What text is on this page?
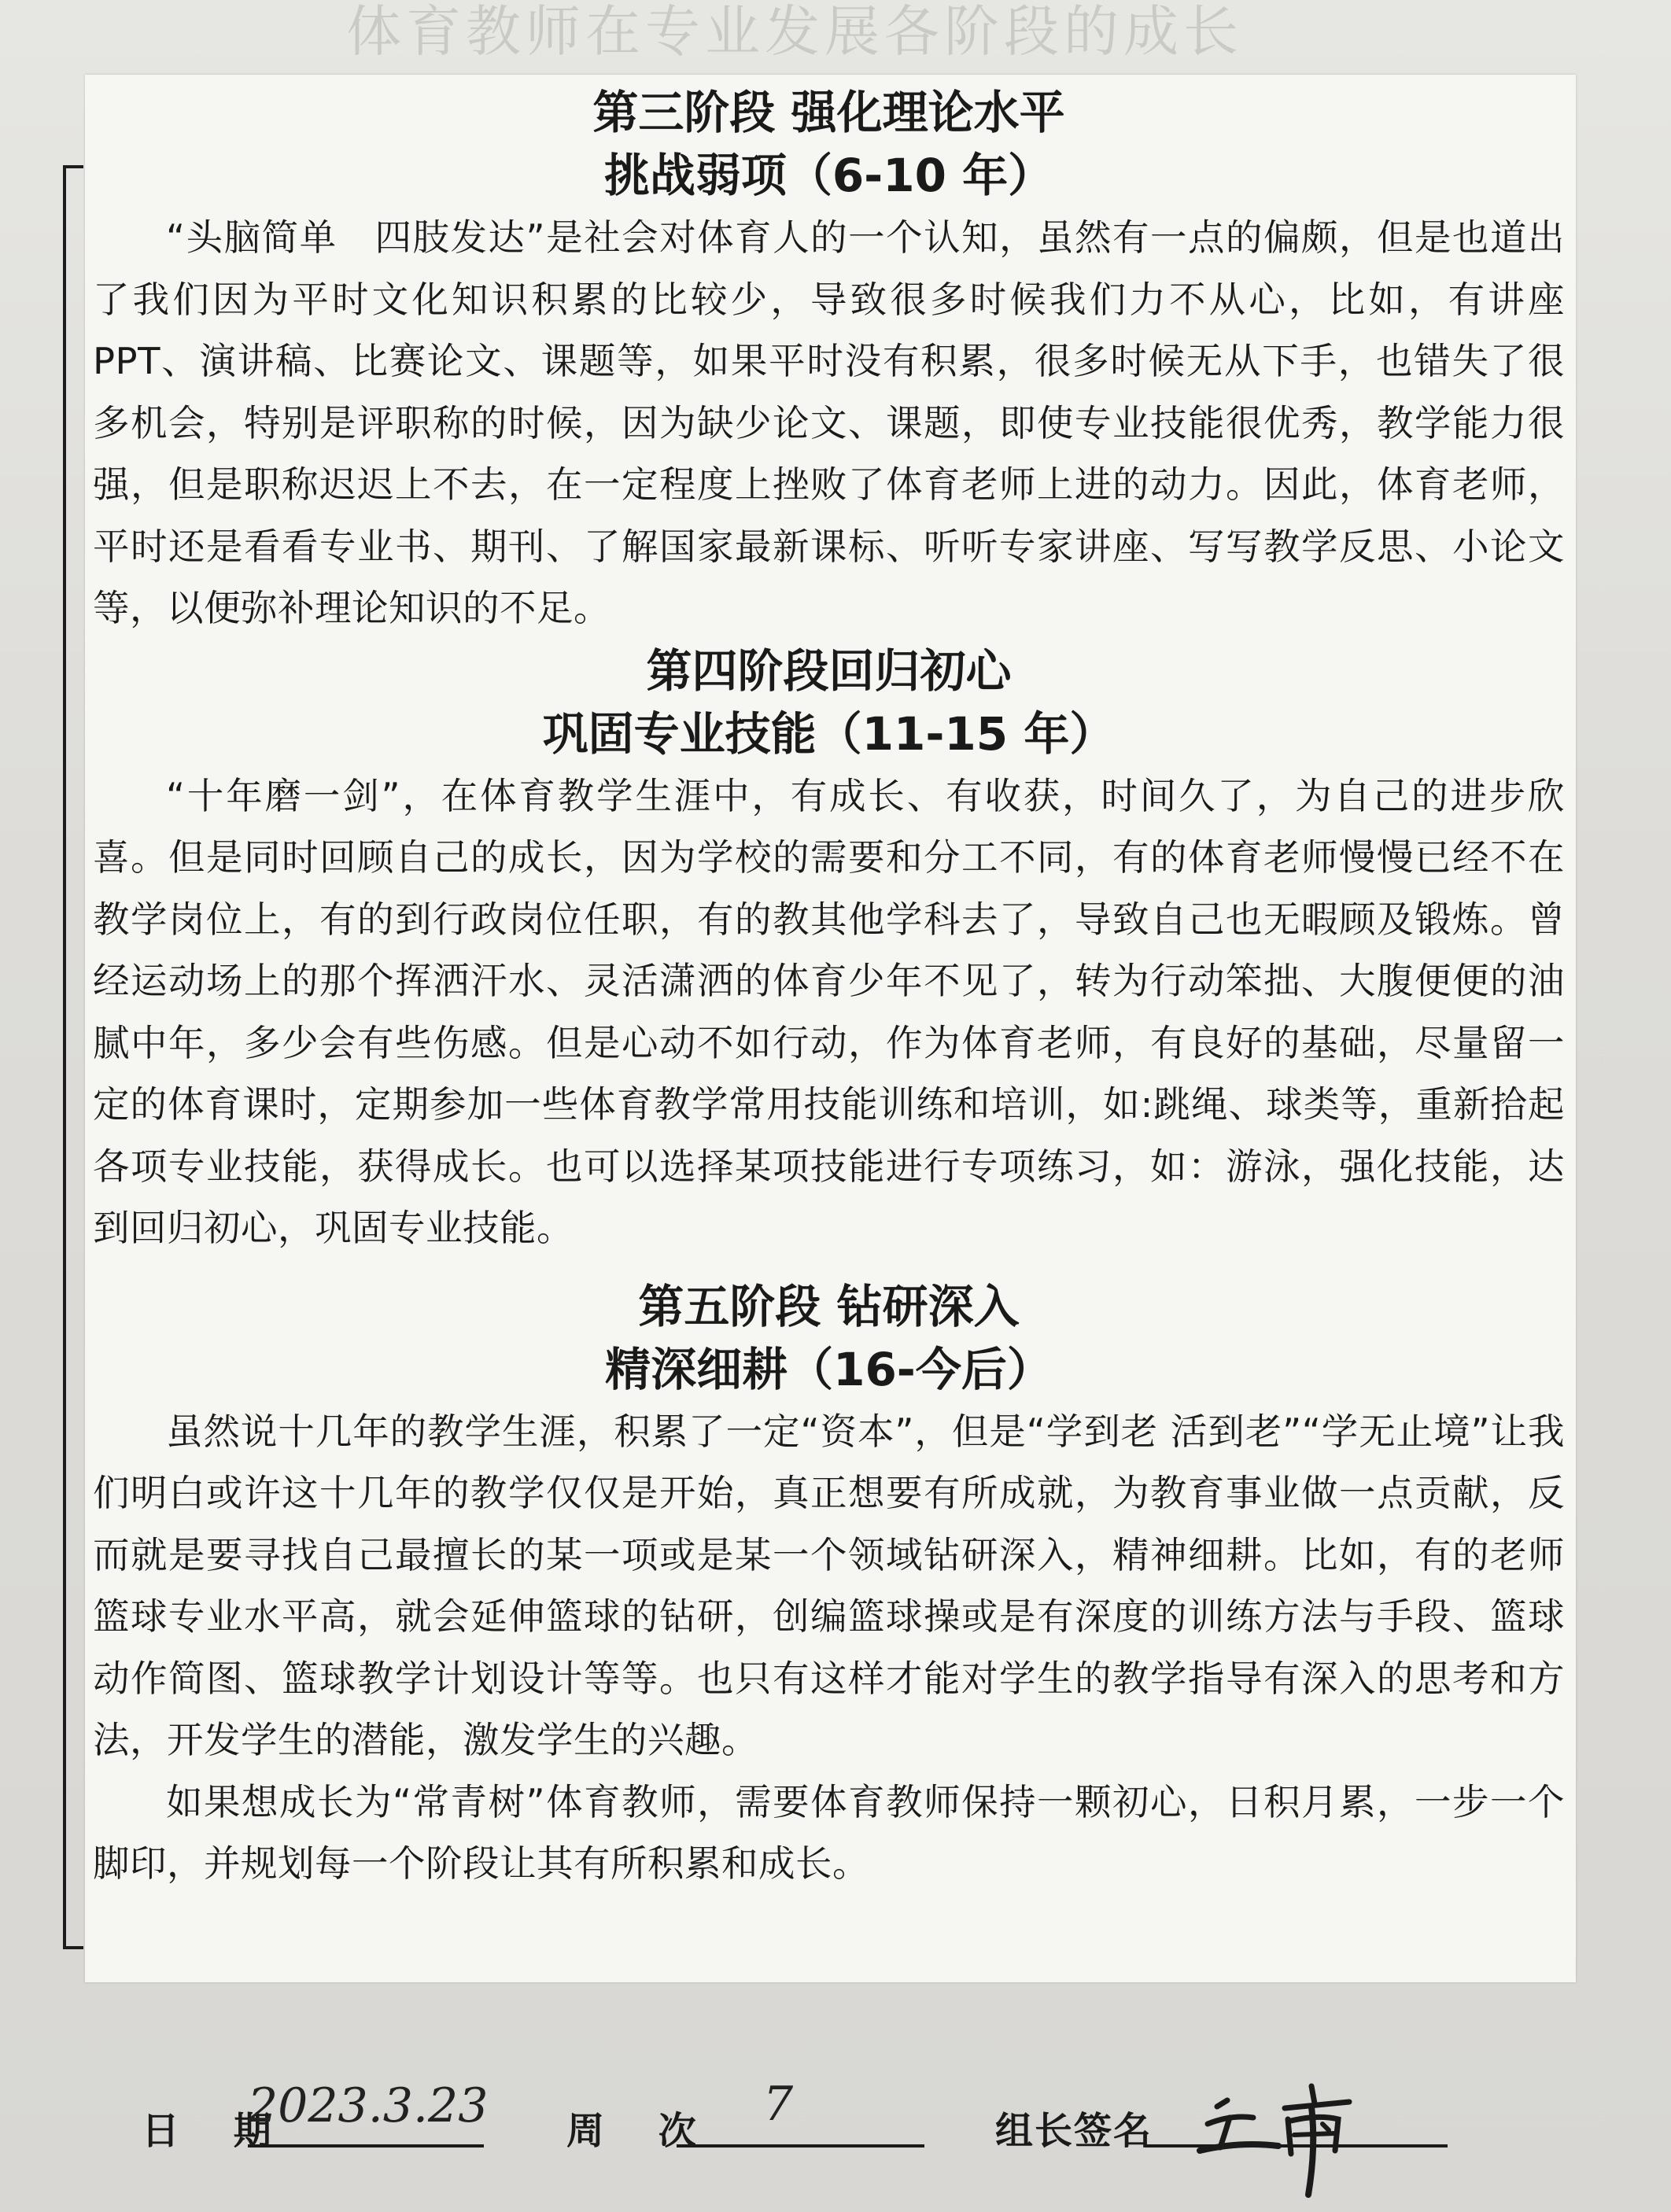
体育教师在专业发展各阶段的成长
第三阶段 强化理论水平
挑战弱项（6-10 年）

“头脑简单　四肢发达”是社会对体育人的一个认知，虽然有一点的偏颇，但是也道出了我们因为平时文化知识积累的比较少，导致很多时候我们力不从心，比如，有讲座 PPT、演讲稿、比赛论文、课题等，如果平时没有积累，很多时候无从下手，也错失了很多机会，特别是评职称的时候，因为缺少论文、课题，即使专业技能很优秀，教学能力很强，但是职称迟迟上不去，在一定程度上挫败了体育老师上进的动力。因此，体育老师，平时还是看看专业书、期刊、了解国家最新课标、听听专家讲座、写写教学反思、小论文等，以便弥补理论知识的不足。

第四阶段回归初心
巩固专业技能（11-15 年）

“十年磨一剑”，在体育教学生涯中，有成长、有收获，时间久了，为自己的进步欣喜。但是同时回顾自己的成长，因为学校的需要和分工不同，有的体育老师慢慢已经不在教学岗位上，有的到行政岗位任职，有的教其他学科去了，导致自己也无暇顾及锻炼。曾经运动场上的那个挥洒汗水、灵活潇洒的体育少年不见了，转为行动笨拙、大腹便便的油腻中年，多少会有些伤感。但是心动不如行动，作为体育老师，有良好的基础，尽量留一定的体育课时，定期参加一些体育教学常用技能训练和培训，如:跳绳、球类等，重新拾起各项专业技能，获得成长。也可以选择某项技能进行专项练习，如：游泳，强化技能，达到回归初心，巩固专业技能。

第五阶段 钻研深入
精深细耕（16-今后）

虽然说十几年的教学生涯，积累了一定“资本”，但是“学到老 活到老”“学无止境”让我们明白或许这十几年的教学仅仅是开始，真正想要有所成就，为教育事业做一点贡献，反而就是要寻找自己最擅长的某一项或是某一个领域钻研深入，精神细耕。比如，有的老师篮球专业水平高，就会延伸篮球的钻研，创编篮球操或是有深度的训练方法与手段、篮球动作简图、篮球教学计划设计等等。也只有这样才能对学生的教学指导有深入的思考和方法，开发学生的潜能，激发学生的兴趣。

如果想成长为“常青树”体育教师，需要体育教师保持一颗初心，日积月累，一步一个脚印，并规划每一个阶段让其有所积累和成长。

日 期
2023.3.23 周 次 7	组长签名
